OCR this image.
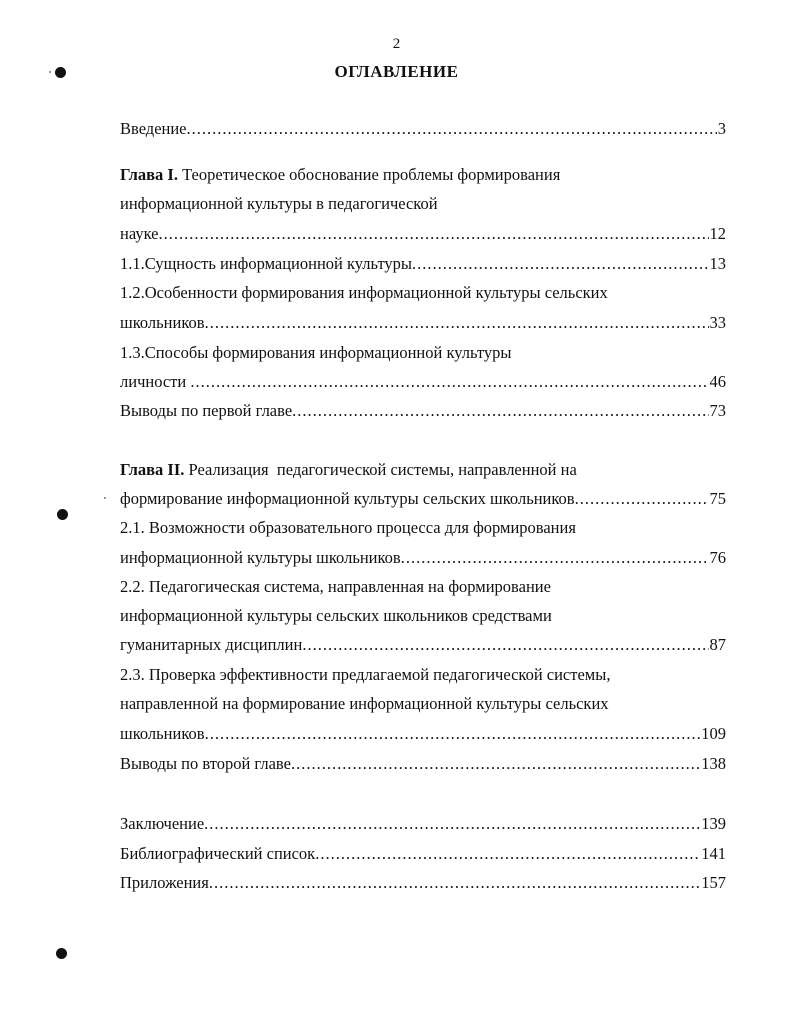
2
ОГЛАВЛЕНИЕ
Введение .....	3
Глава I. Теоретическое обоснование проблемы формирования
информационной культуры в педагогической
науке .....	12
1.1.Сущность информационной культуры .....	13
1.2.Особенности формирования информационной культуры сельских
школьников .....	33
1.3.Способы формирования информационной культуры
личности .....	46
Выводы по первой главе .....	73
Глава II. Реализация  педагогической системы, направленной на
формирование информационной культуры сельских школьников .....	75
2.1. Возможности образовательного процесса для формирования
информационной культуры школьников .....	76
2.2. Педагогическая система, направленная на формирование
информационной культуры сельских школьников средствами
гуманитарных дисциплин .....	87
2.3. Проверка эффективности предлагаемой педагогической системы,
направленной на формирование информационной культуры сельских
школьников .....	109
Выводы по второй главе .....	138
Заключение .....	139
Библиографический список .....	141
Приложения .....	157
